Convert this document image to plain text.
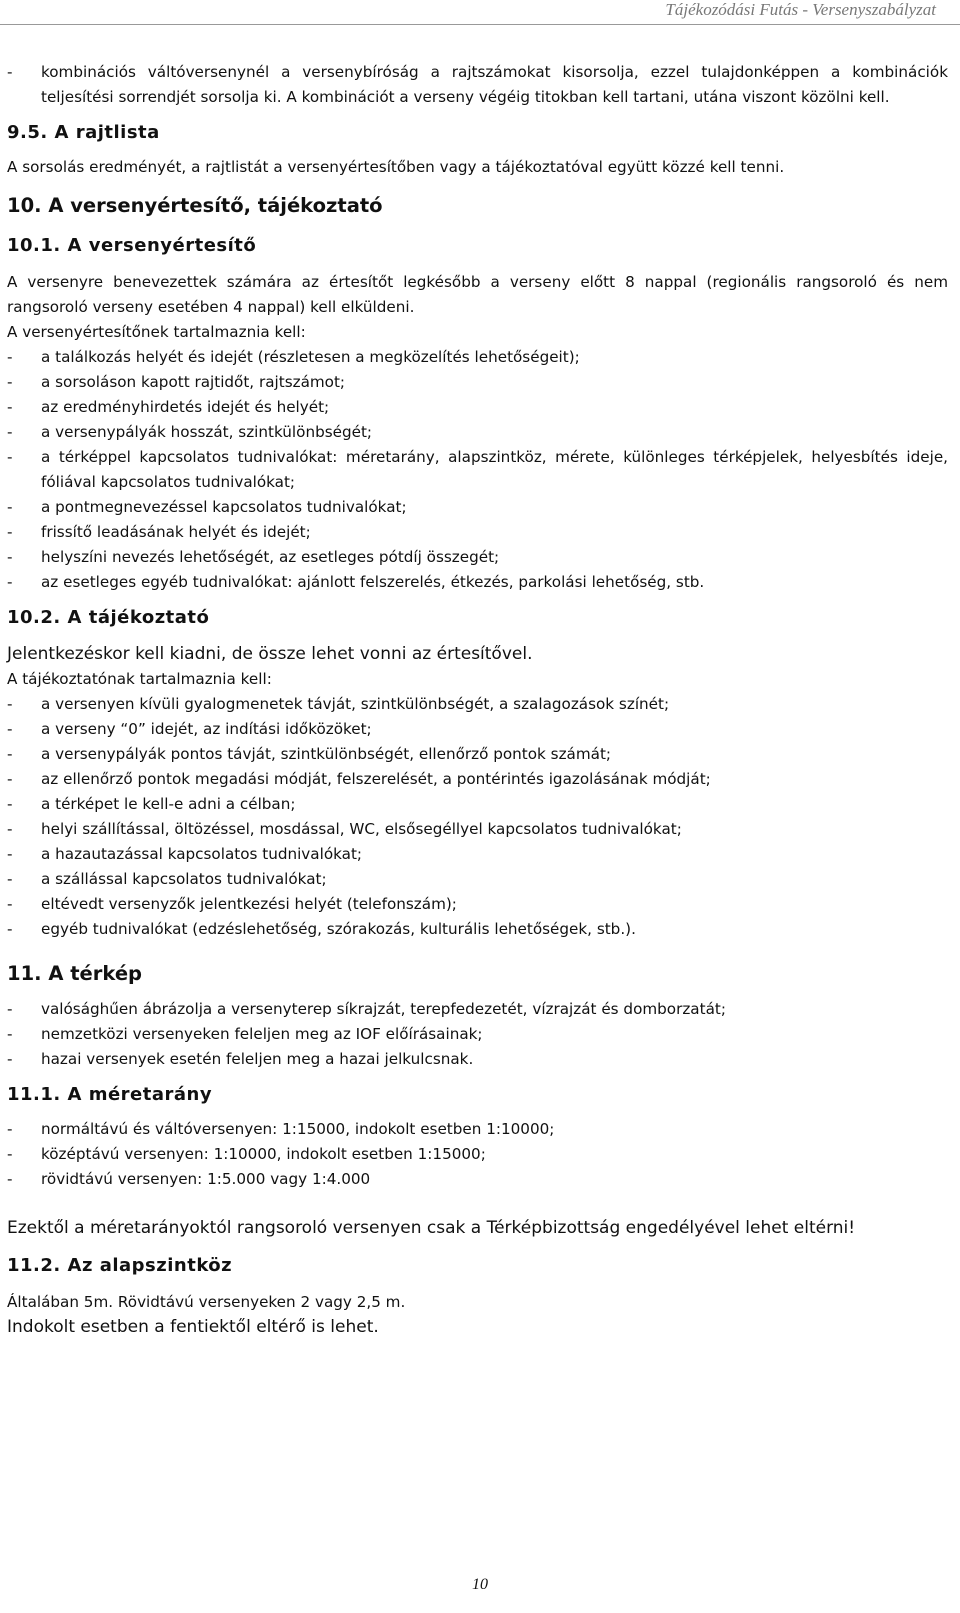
Tájékozódási Futás - Versenyszabályzat

- kombinációs váltóversenynél a versenybíróság a rajtszámokat kisorsolja, ezzel tulajdonképpen a kombinációk teljesítési sorrendjét sorsolja ki. A kombinációt a verseny végéig titokban kell tartani, utána viszont közölni kell.

9.5. A rajtlista

A sorsolás eredményét, a rajtlistát a versenyértesítőben vagy a tájékoztatóval együtt közzé kell tenni.

10. A versenyértesítő, tájékoztató
10.1. A versenyértesítő

A versenyre benevezettek számára az értesítőt legkésőbb a verseny előtt 8 nappal (regionális rangsoroló és nem rangsoroló verseny esetében 4 nappal) kell elküldeni.

A versenyértesítőnek tartalmaznia kell:

- a találkozás helyét és idejét (részletesen a megközelítés lehetőségeit);

- a sorsoláson kapott rajtidőt, rajtszámot;

- az eredményhirdetés idejét és helyét;

- a versenypályák hosszát, szintkülönbségét;

- a térképpel kapcsolatos tudnivalókat: méretarány, alapszintköz, mérete, különleges térképjelek, helyesbítés ideje, fóliával kapcsolatos tudnivalókat;

- a pontmegnevezéssel kapcsolatos tudnivalókat;

- frissítő leadásának helyét és idejét;

- helyszíni nevezés lehetőségét, az esetleges pótdíj összegét;

- az esetleges egyéb tudnivalókat: ajánlott felszerelés, étkezés, parkolási lehetőség, stb.

10.2. A tájékoztató

Jelentkezéskor kell kiadni, de össze lehet vonni az értesítővel.

A tájékoztatónak tartalmaznia kell:

- a versenyen kívüli gyalogmenetek távját, szintkülönbségét, a szalagozások színét;

- a verseny “0” idejét, az indítási időközöket;

- a versenypályák pontos távját, szintkülönbségét, ellenőrző pontok számát;

- az ellenőrző pontok megadási módját, felszerelését, a pontérintés igazolásának módját;

- a térképet le kell-e adni a célban;

- helyi szállítással, öltözéssel, mosdással, WC, elsősegéllyel kapcsolatos tudnivalókat;

- a hazautazással kapcsolatos tudnivalókat;

- a szállással kapcsolatos tudnivalókat;

- eltévedt versenyzők jelentkezési helyét (telefonszám);

- egyéb tudnivalókat (edzéslehetőség, szórakozás, kulturális lehetőségek, stb.).

11. A térkép

- valósághűen ábrázolja a versenyterep síkrajzát, terepfedezetét, vízrajzát és domborzatát;

- nemzetközi versenyeken feleljen meg az IOF előírásainak;

- hazai versenyek esetén feleljen meg a hazai jelkulcsnak.

11.1. A méretarány

- normáltávú és váltóversenyen: 1:15000, indokolt esetben 1:10000;

- középtávú versenyen: 1:10000, indokolt esetben 1:15000;

- rövidtávú versenyen: 1:5.000 vagy 1:4.000

Ezektől a méretarányoktól rangsoroló versenyen csak a Térképbizottság engedélyével lehet eltérni!

11.2. Az alapszintköz

Általában 5m. Rövidtávú versenyeken 2 vagy 2,5 m.

Indokolt esetben a fentiektől eltérő is lehet.

10
